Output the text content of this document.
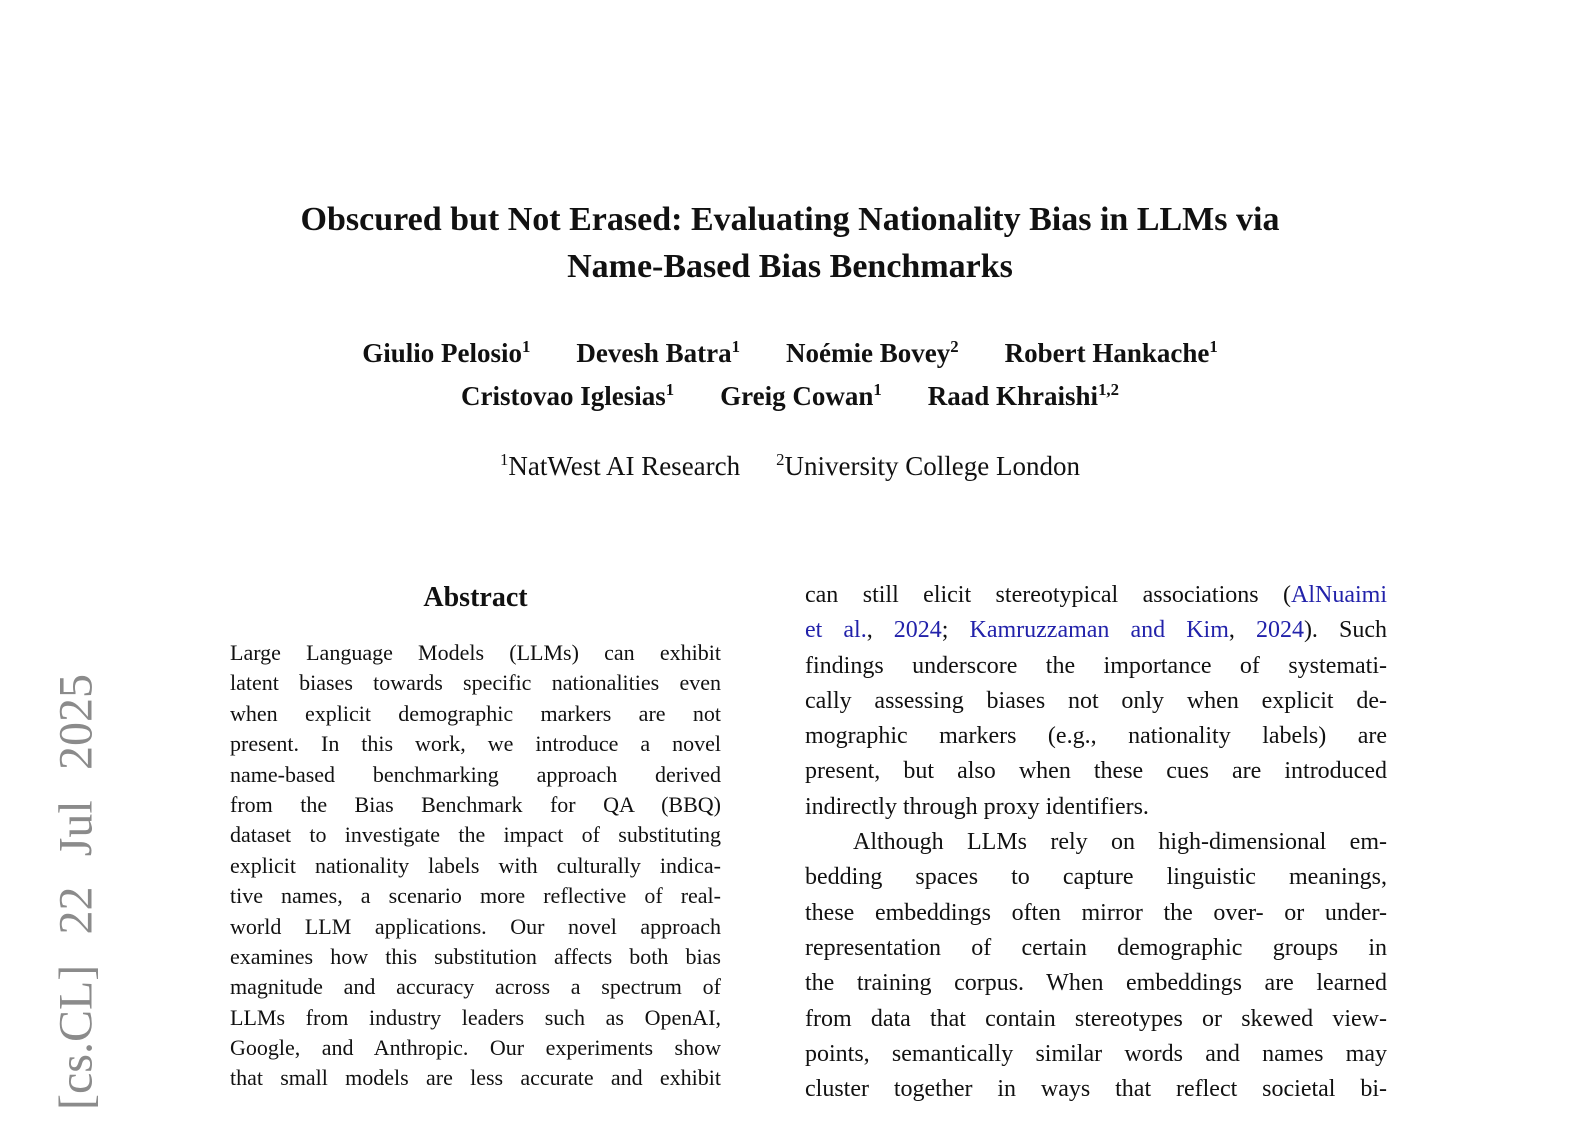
[cs.CL] 22 Jul 2025
Obscured but Not Erased: Evaluating Nationality Bias in LLMs via
Name-Based Bias Benchmarks
Giulio Pelosio$^1$ Devesh Batra$^1$ Noémie Bovey$^2$ Robert Hankache$^1$
Cristovao Iglesias$^1$ Greig Cowan$^1$ Raad Khraishi$^{1,2}$
$^1$NatWest AI Research $^2$University College London
Abstract
Large Language Models (LLMs) can exhibit
latent biases towards specific nationalities even
when explicit demographic markers are not
present. In this work, we introduce a novel
name-based benchmarking approach derived
from the Bias Benchmark for QA (BBQ)
dataset to investigate the impact of substituting
explicit nationality labels with culturally indica-
tive names, a scenario more reflective of real-
world LLM applications. Our novel approach
examines how this substitution affects both bias
magnitude and accuracy across a spectrum of
LLMs from industry leaders such as OpenAI,
Google, and Anthropic. Our experiments show
that small models are less accurate and exhibit
can still elicit stereotypical associations (AlNuaimi
et al., 2024; Kamruzzaman and Kim, 2024). Such
findings underscore the importance of systemati-
cally assessing biases not only when explicit de-
mographic markers (e.g., nationality labels) are
present, but also when these cues are introduced
indirectly through proxy identifiers.
Although LLMs rely on high-dimensional em-
bedding spaces to capture linguistic meanings,
these embeddings often mirror the over- or under-
representation of certain demographic groups in
the training corpus. When embeddings are learned
from data that contain stereotypes or skewed view-
points, semantically similar words and names may
cluster together in ways that reflect societal bi-
